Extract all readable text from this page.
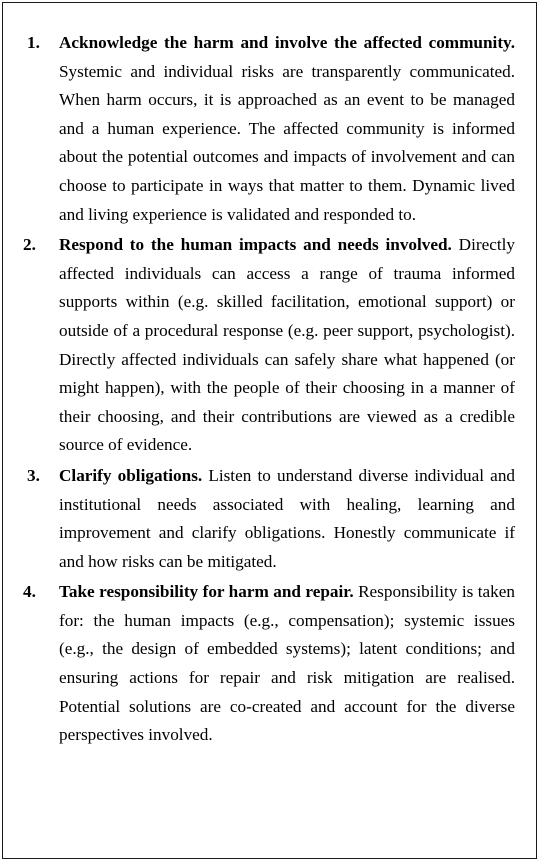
1.	Acknowledge the harm and involve the affected community. Systemic and individual risks are transparently communicated. When harm occurs, it is approached as an event to be managed and a human experience. The affected community is informed about the potential outcomes and impacts of involvement and can choose to participate in ways that matter to them. Dynamic lived and living experience is validated and responded to.
2.	Respond to the human impacts and needs involved. Directly affected individuals can access a range of trauma informed supports within (e.g. skilled facilitation, emotional support) or outside of a procedural response (e.g. peer support, psychologist). Directly affected individuals can safely share what happened (or might happen), with the people of their choosing in a manner of their choosing, and their contributions are viewed as a credible source of evidence.
3.	Clarify obligations. Listen to understand diverse individual and institutional needs associated with healing, learning and improvement and clarify obligations. Honestly communicate if and how risks can be mitigated.
4.	Take responsibility for harm and repair. Responsibility is taken for: the human impacts (e.g., compensation); systemic issues (e.g., the design of embedded systems); latent conditions; and ensuring actions for repair and risk mitigation are realised. Potential solutions are co-created and account for the diverse perspectives involved.
